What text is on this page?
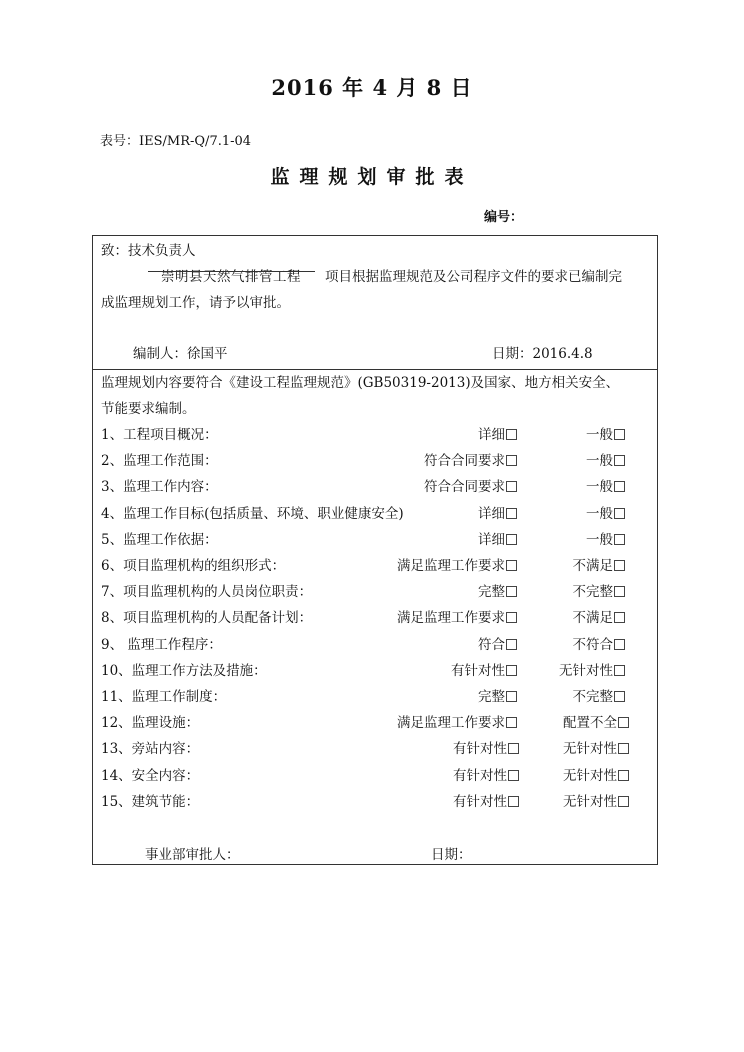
2016 年 4 月 8 日
表号：IES/MR-Q/7.1-04
监理规划审批表
编号：
致：技术负责人
崇明县天然气排管工程 项目根据监理规范及公司程序文件的要求已编制完
成监理规划工作，请予以审批。
编制人：徐国平	日期：2016.4.8
监理规划内容要符合《建设工程监理规范》(GB50319-2013)及国家、地方相关安全、
节能要求编制。
1、工程项目概况：	详细	一般
2、监理工作范围：	符合合同要求	一般
3、监理工作内容：	符合合同要求	一般
4、监理工作目标(包括质量、环境、职业健康安全)	详细	一般
5、监理工作依据：	详细	一般
6、项目监理机构的组织形式：	满足监理工作要求	不满足
7、项目监理机构的人员岗位职责：	完整	不完整
8、项目监理机构的人员配备计划：	满足监理工作要求	不满足
9、 监理工作程序：	符合	不符合
10、监理工作方法及措施：	有针对性	无针对性
11、监理工作制度：	完整	不完整
12、监理设施：	满足监理工作要求	配置不全
13、旁站内容：	有针对性	无针对性
14、安全内容：	有针对性	无针对性
15、建筑节能：	有针对性	无针对性
事业部审批人：	日期：
